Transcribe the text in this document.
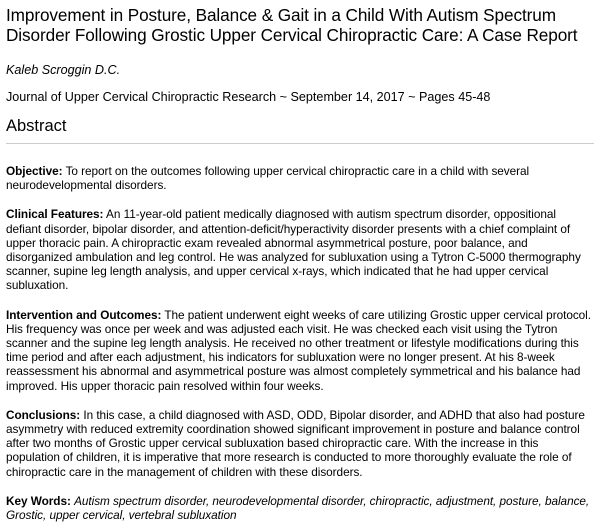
Improvement in Posture, Balance & Gait in a Child With Autism Spectrum Disorder Following Grostic Upper Cervical Chiropractic Care: A Case Report

Kaleb Scroggin D.C.

Journal of Upper Cervical Chiropractic Research ~ September 14, 2017 ~ Pages 45-48

Abstract

Objective: To report on the outcomes following upper cervical chiropractic care in a child with several neurodevelopmental disorders.

Clinical Features: An 11-year-old patient medically diagnosed with autism spectrum disorder, oppositional defiant disorder, bipolar disorder, and attention-deficit/hyperactivity disorder presents with a chief complaint of upper thoracic pain. A chiropractic exam revealed abnormal asymmetrical posture, poor balance, and disorganized ambulation and leg control. He was analyzed for subluxation using a Tytron C-5000 thermography scanner, supine leg length analysis, and upper cervical x-rays, which indicated that he had upper cervical subluxation.

Intervention and Outcomes: The patient underwent eight weeks of care utilizing Grostic upper cervical protocol. His frequency was once per week and was adjusted each visit. He was checked each visit using the Tytron scanner and the supine leg length analysis. He received no other treatment or lifestyle modifications during this time period and after each adjustment, his indicators for subluxation were no longer present. At his 8-week reassessment his abnormal and asymmetrical posture was almost completely symmetrical and his balance had improved. His upper thoracic pain resolved within four weeks.

Conclusions: In this case, a child diagnosed with ASD, ODD, Bipolar disorder, and ADHD that also had posture asymmetry with reduced extremity coordination showed significant improvement in posture and balance control after two months of Grostic upper cervical subluxation based chiropractic care. With the increase in this population of children, it is imperative that more research is conducted to more thoroughly evaluate the role of chiropractic care in the management of children with these disorders.

Key Words: Autism spectrum disorder, neurodevelopmental disorder, chiropractic, adjustment, posture, balance, Grostic, upper cervical, vertebral subluxation
